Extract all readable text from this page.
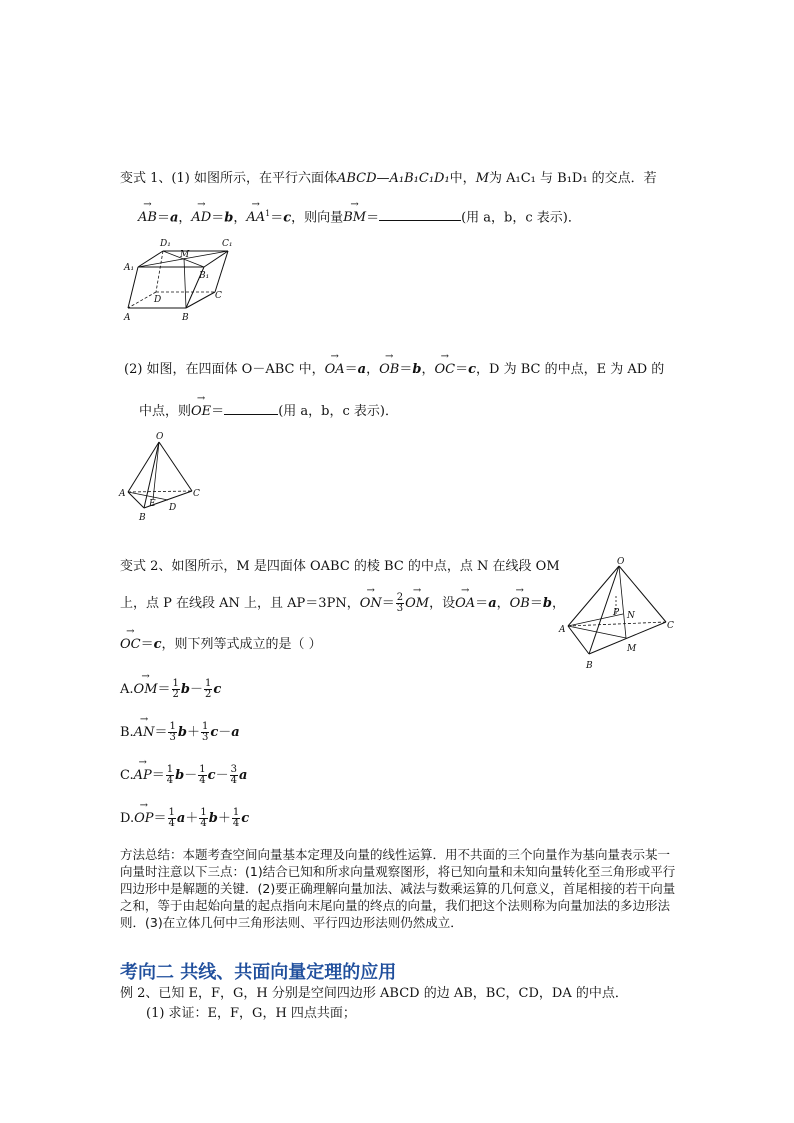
变式 1、(1) 如图所示，在平行六面体ABCD—A₁B₁C₁D₁中，M为 A₁C₁ 与 B₁D₁ 的交点．若
→ AB＝a，→ AD＝b，→ $AA^1=c$，则向量→ BM＝	(用 a，b，c 表示)．
D₁
M
C₁
A₁
B₁
D	C
A	B
(2) 如图，在四面体 O－ABC 中，→ OA＝a，→ OB＝b，→ OC＝c，D 为 BC 的中点，E 为 AD 的
中点，则→ OE＝	(用 a，b，c 表示)．
O
A
E D
C
B
变式 2、如图所示，M 是四面体 OABC 的棱 BC 的中点，点 N 在线段 OM
上，点 P 在线段 AN 上，且 AP＝3PN，→ $ON= \frac{2}{3}$
→ OM，设→ OA＝a，→ OB＝b，
→ OC＝c，则下列等式成立的是（ ）
O
P N
A	C
M
B
$A.\to OM= \frac{1}{2} b- \frac{1}{2}$ c
$B.\to AN= \frac{1}{3} b+ \frac{1}{3} c-a$
$C.\to AP= \frac{1}{4} b- \frac{1}{4} c- \frac{3}{4}$ a
$D.\to OP= \frac{1}{4} a+ \frac{1}{4} b+ \frac{1}{4}$ c
方法总结：本题考查空间向量基本定理及向量的线性运算．用不共面的三个向量作为基向量表示某一向量时注意以下三点：(1)结合已知和所求向量观察图形，将已知向量和未知向量转化至三角形或平行四边形中是解题的关键．(2)要正确理解向量加法、减法与数乘运算的几何意义，首尾相接的若干向量之和，等于由起始向量的起点指向末尾向量的终点的向量，我们把这个法则称为向量加法的多边形法则．(3)在立体几何中三角形法则、平行四边形法则仍然成立．
考向二 共线、共面向量定理的应用
例 2、已知 E，F，G，H 分别是空间四边形 ABCD 的边 AB，BC，CD，DA 的中点．
(1) 求证：E，F，G，H 四点共面；
